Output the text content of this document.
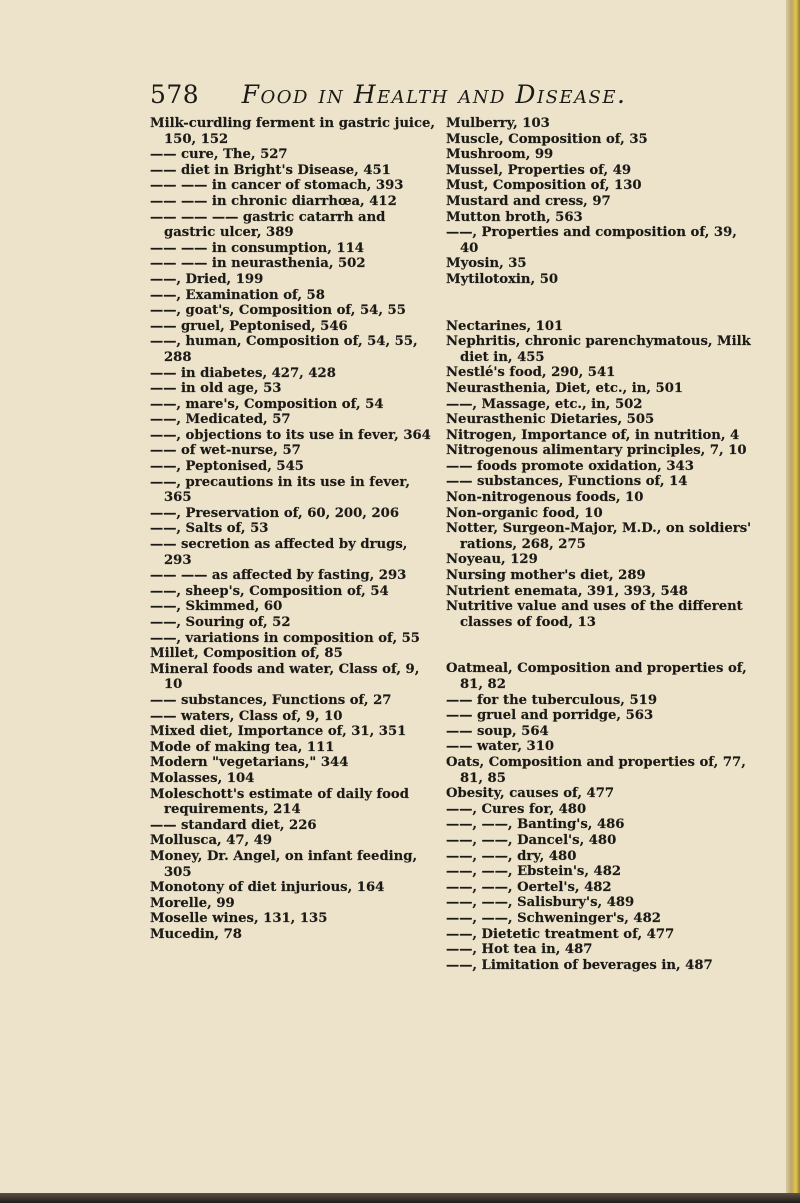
578 Food in Health and Disease.
Milk-curdling ferment in gastric juice, 150, 152
—— cure, The, 527
—— diet in Bright's Disease, 451
—— —— in cancer of stomach, 393
—— —— in chronic diarrhœa, 412
—— —— —— gastric catarrh and gastric ulcer, 389
—— —— in consumption, 114
—— —— in neurasthenia, 502
——, Dried, 199
——, Examination of, 58
——, goat's, Composition of, 54, 55
—— gruel, Peptonised, 546
——, human, Composition of, 54, 55, 288
—— in diabetes, 427, 428
—— in old age, 53
——, mare's, Composition of, 54
——, Medicated, 57
——, objections to its use in fever, 364
—— of wet-nurse, 57
——, Peptonised, 545
——, precautions in its use in fever, 365
——, Preservation of, 60, 200, 206
——, Salts of, 53
—— secretion as affected by drugs, 293
—— —— as affected by fasting, 293
——, sheep's, Composition of, 54
——, Skimmed, 60
——, Souring of, 52
——, variations in composition of, 55
Millet, Composition of, 85
Mineral foods and water, Class of, 9, 10
—— substances, Functions of, 27
—— waters, Class of, 9, 10
Mixed diet, Importance of, 31, 351
Mode of making tea, 111
Modern "vegetarians," 344
Molasses, 104
Moleschott's estimate of daily food requirements, 214
—— standard diet, 226
Mollusca, 47, 49
Money, Dr. Angel, on infant feeding, 305
Monotony of diet injurious, 164
Morelle, 99
Moselle wines, 131, 135
Mucedin, 78
Mulberry, 103
Muscle, Composition of, 35
Mushroom, 99
Mussel, Properties of, 49
Must, Composition of, 130
Mustard and cress, 97
Mutton broth, 563
——, Properties and composition of, 39, 40
Myosin, 35
Mytilotoxin, 50
Nectarines, 101
Nephritis, chronic parenchymatous, Milk diet in, 455
Nestlé's food, 290, 541
Neurasthenia, Diet, etc., in, 501
——, Massage, etc., in, 502
Neurasthenic Dietaries, 505
Nitrogen, Importance of, in nutrition, 4
Nitrogenous alimentary principles, 7, 10
—— foods promote oxidation, 343
—— substances, Functions of, 14
Non-nitrogenous foods, 10
Non-organic food, 10
Notter, Surgeon-Major, M.D., on soldiers' rations, 268, 275
Noyeau, 129
Nursing mother's diet, 289
Nutrient enemata, 391, 393, 548
Nutritive value and uses of the different classes of food, 13
Oatmeal, Composition and properties of, 81, 82
—— for the tuberculous, 519
—— gruel and porridge, 563
—— soup, 564
—— water, 310
Oats, Composition and properties of, 77, 81, 85
Obesity, causes of, 477
——, Cures for, 480
——, ——, Banting's, 486
——, ——, Dancel's, 480
——, ——, dry, 480
——, ——, Ebstein's, 482
——, ——, Oertel's, 482
——, ——, Salisbury's, 489
——, ——, Schweninger's, 482
——, Dietetic treatment of, 477
——, Hot tea in, 487
——, Limitation of beverages in, 487
